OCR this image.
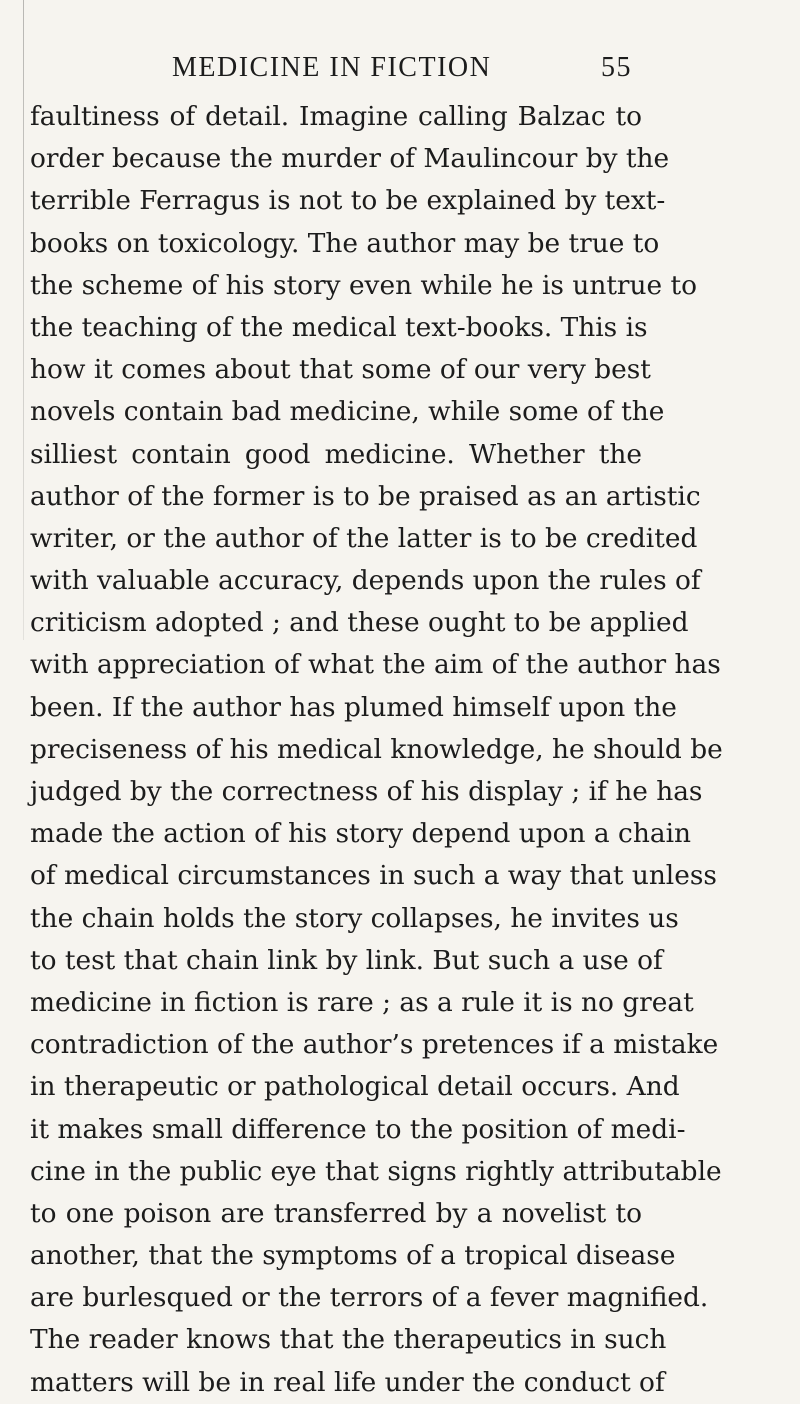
MEDICINE IN FICTION	55
faultiness of detail. Imagine calling Balzac to
order because the murder of Maulincour by the
terrible Ferragus is not to be explained by text-
books on toxicology. The author may be true to
the scheme of his story even while he is untrue to
the teaching of the medical text-books. This is
how it comes about that some of our very best
novels contain bad medicine, while some of the
silliest contain good medicine. Whether the
author of the former is to be praised as an artistic
writer, or the author of the latter is to be credited
with valuable accuracy, depends upon the rules of
criticism adopted ; and these ought to be applied
with appreciation of what the aim of the author has
been. If the author has plumed himself upon the
preciseness of his medical knowledge, he should be
judged by the correctness of his display ; if he has
made the action of his story depend upon a chain
of medical circumstances in such a way that unless
the chain holds the story collapses, he invites us
to test that chain link by link. But such a use of
medicine in fiction is rare ; as a rule it is no great
contradiction of the author’s pretences if a mistake
in therapeutic or pathological detail occurs. And
it makes small difference to the position of medi-
cine in the public eye that signs rightly attributable
to one poison are transferred by a novelist to
another, that the symptoms of a tropical disease
are burlesqued or the terrors of a fever magnified.
The reader knows that the therapeutics in such
matters will be in real life under the conduct of
